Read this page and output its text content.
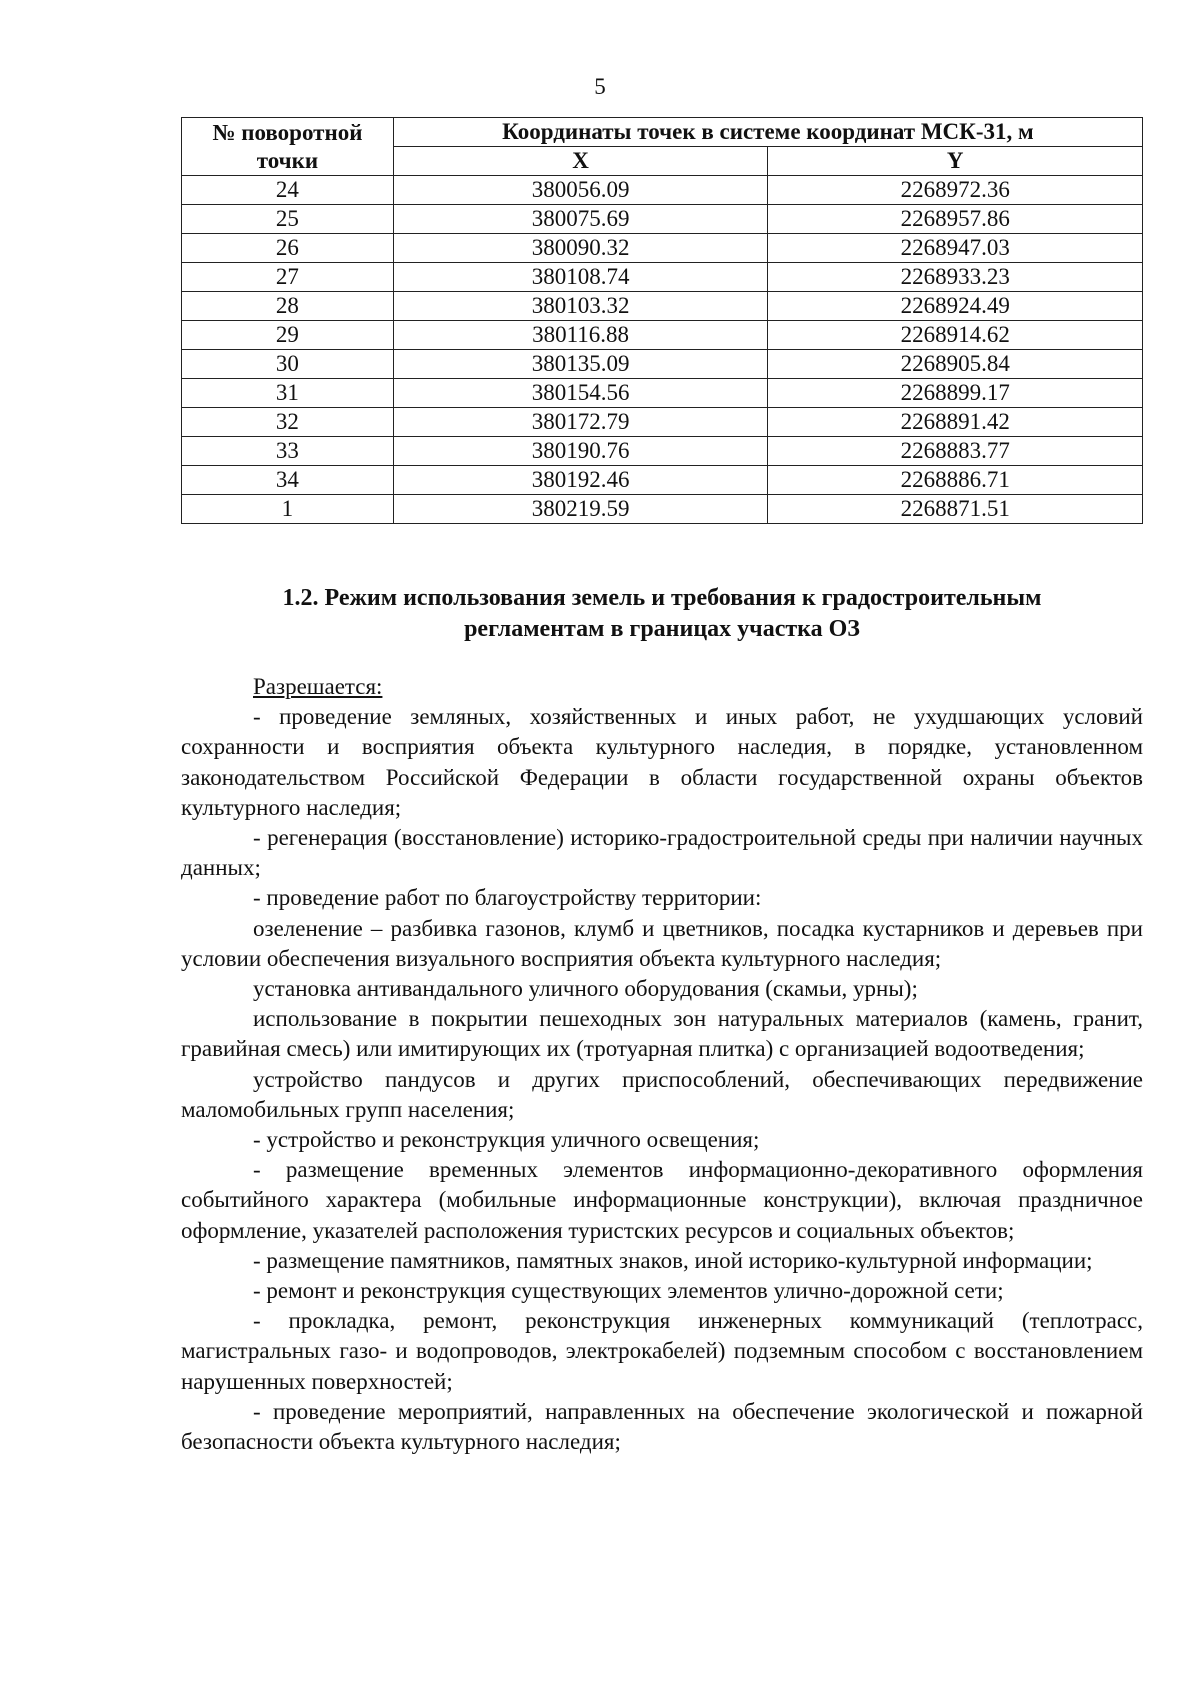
5
№ поворотной точки	Координаты точек в системе координат МСК-31, м	
	X	Y
24	380056.09	2268972.36
25	380075.69	2268957.86
26	380090.32	2268947.03
27	380108.74	2268933.23
28	380103.32	2268924.49
29	380116.88	2268914.62
30	380135.09	2268905.84
31	380154.56	2268899.17
32	380172.79	2268891.42
33	380190.76	2268883.77
34	380192.46	2268886.71
1	380219.59	2268871.51
1.2. Режим использования земель и требования к градостроительным
регламентам в границах участка ОЗ

Разрешается:

- проведение земляных, хозяйственных и иных работ, не ухудшающих условий сохранности и восприятия объекта культурного наследия, в порядке, установленном законодательством Российской Федерации в области государственной охраны объектов культурного наследия;

- регенерация (восстановление) историко-градостроительной среды при наличии научных данных;

- проведение работ по благоустройству территории:

озеленение – разбивка газонов, клумб и цветников, посадка кустарников и деревьев при условии обеспечения визуального восприятия объекта культурного наследия;

установка антивандального уличного оборудования (скамьи, урны);

использование в покрытии пешеходных зон натуральных материалов (камень, гранит, гравийная смесь) или имитирующих их (тротуарная плитка) с организацией водоотведения;

устройство пандусов и других приспособлений, обеспечивающих передвижение маломобильных групп населения;

- устройство и реконструкция уличного освещения;

- размещение временных элементов информационно-декоративного оформления событийного характера (мобильные информационные конструкции), включая праздничное оформление, указателей расположения туристских ресурсов и социальных объектов;

- размещение памятников, памятных знаков, иной историко-культурной информации;

- ремонт и реконструкция существующих элементов улично-дорожной сети;

- прокладка, ремонт, реконструкция инженерных коммуникаций (теплотрасс, магистральных газо- и водопроводов, электрокабелей) подземным способом с восстановлением нарушенных поверхностей;

- проведение мероприятий, направленных на обеспечение экологической и пожарной безопасности объекта культурного наследия;
